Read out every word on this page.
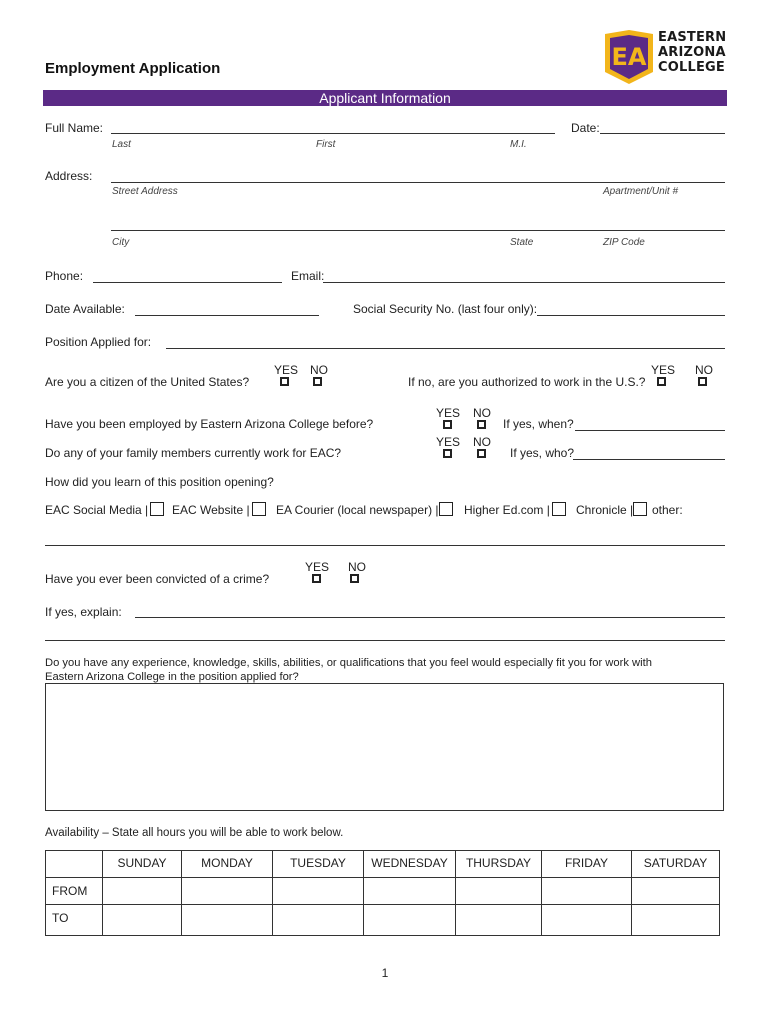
EA
EASTERN
ARIZONA
COLLEGE
Employment Application
Applicant Information
Full Name:	Date:
Last	First	M.I.
Address:
Street Address	Apartment/Unit #
City	State	ZIP Code
Phone:	Email:
Date Available:	Social Security No. (last four only):
Position Applied for:
YES NO
Are you a citizen of the United States?
YES NO
If no, are you authorized to work in the U.S.?
YES NO
Have you been employed by Eastern Arizona College before?	If yes, when?
YES NO
Do any of your family members currently work for EAC?	If yes, who?
How did you learn of this position opening?
EAC Social Media | EAC Website | EA Courier (local newspaper) | Higher Ed.com | Chronicle | other:
YES NO
Have you ever been convicted of a crime?
If yes, explain:
Do you have any experience, knowledge, skills, abilities, or qualifications that you feel would especially fit you for work with
Eastern Arizona College in the position applied for?
Availability – State all hours you will be able to work below.
	SUNDAY	MONDAY	TUESDAY	WEDNESDAY	THURSDAY	FRIDAY	SATURDAY
FROM							
TO							
1
